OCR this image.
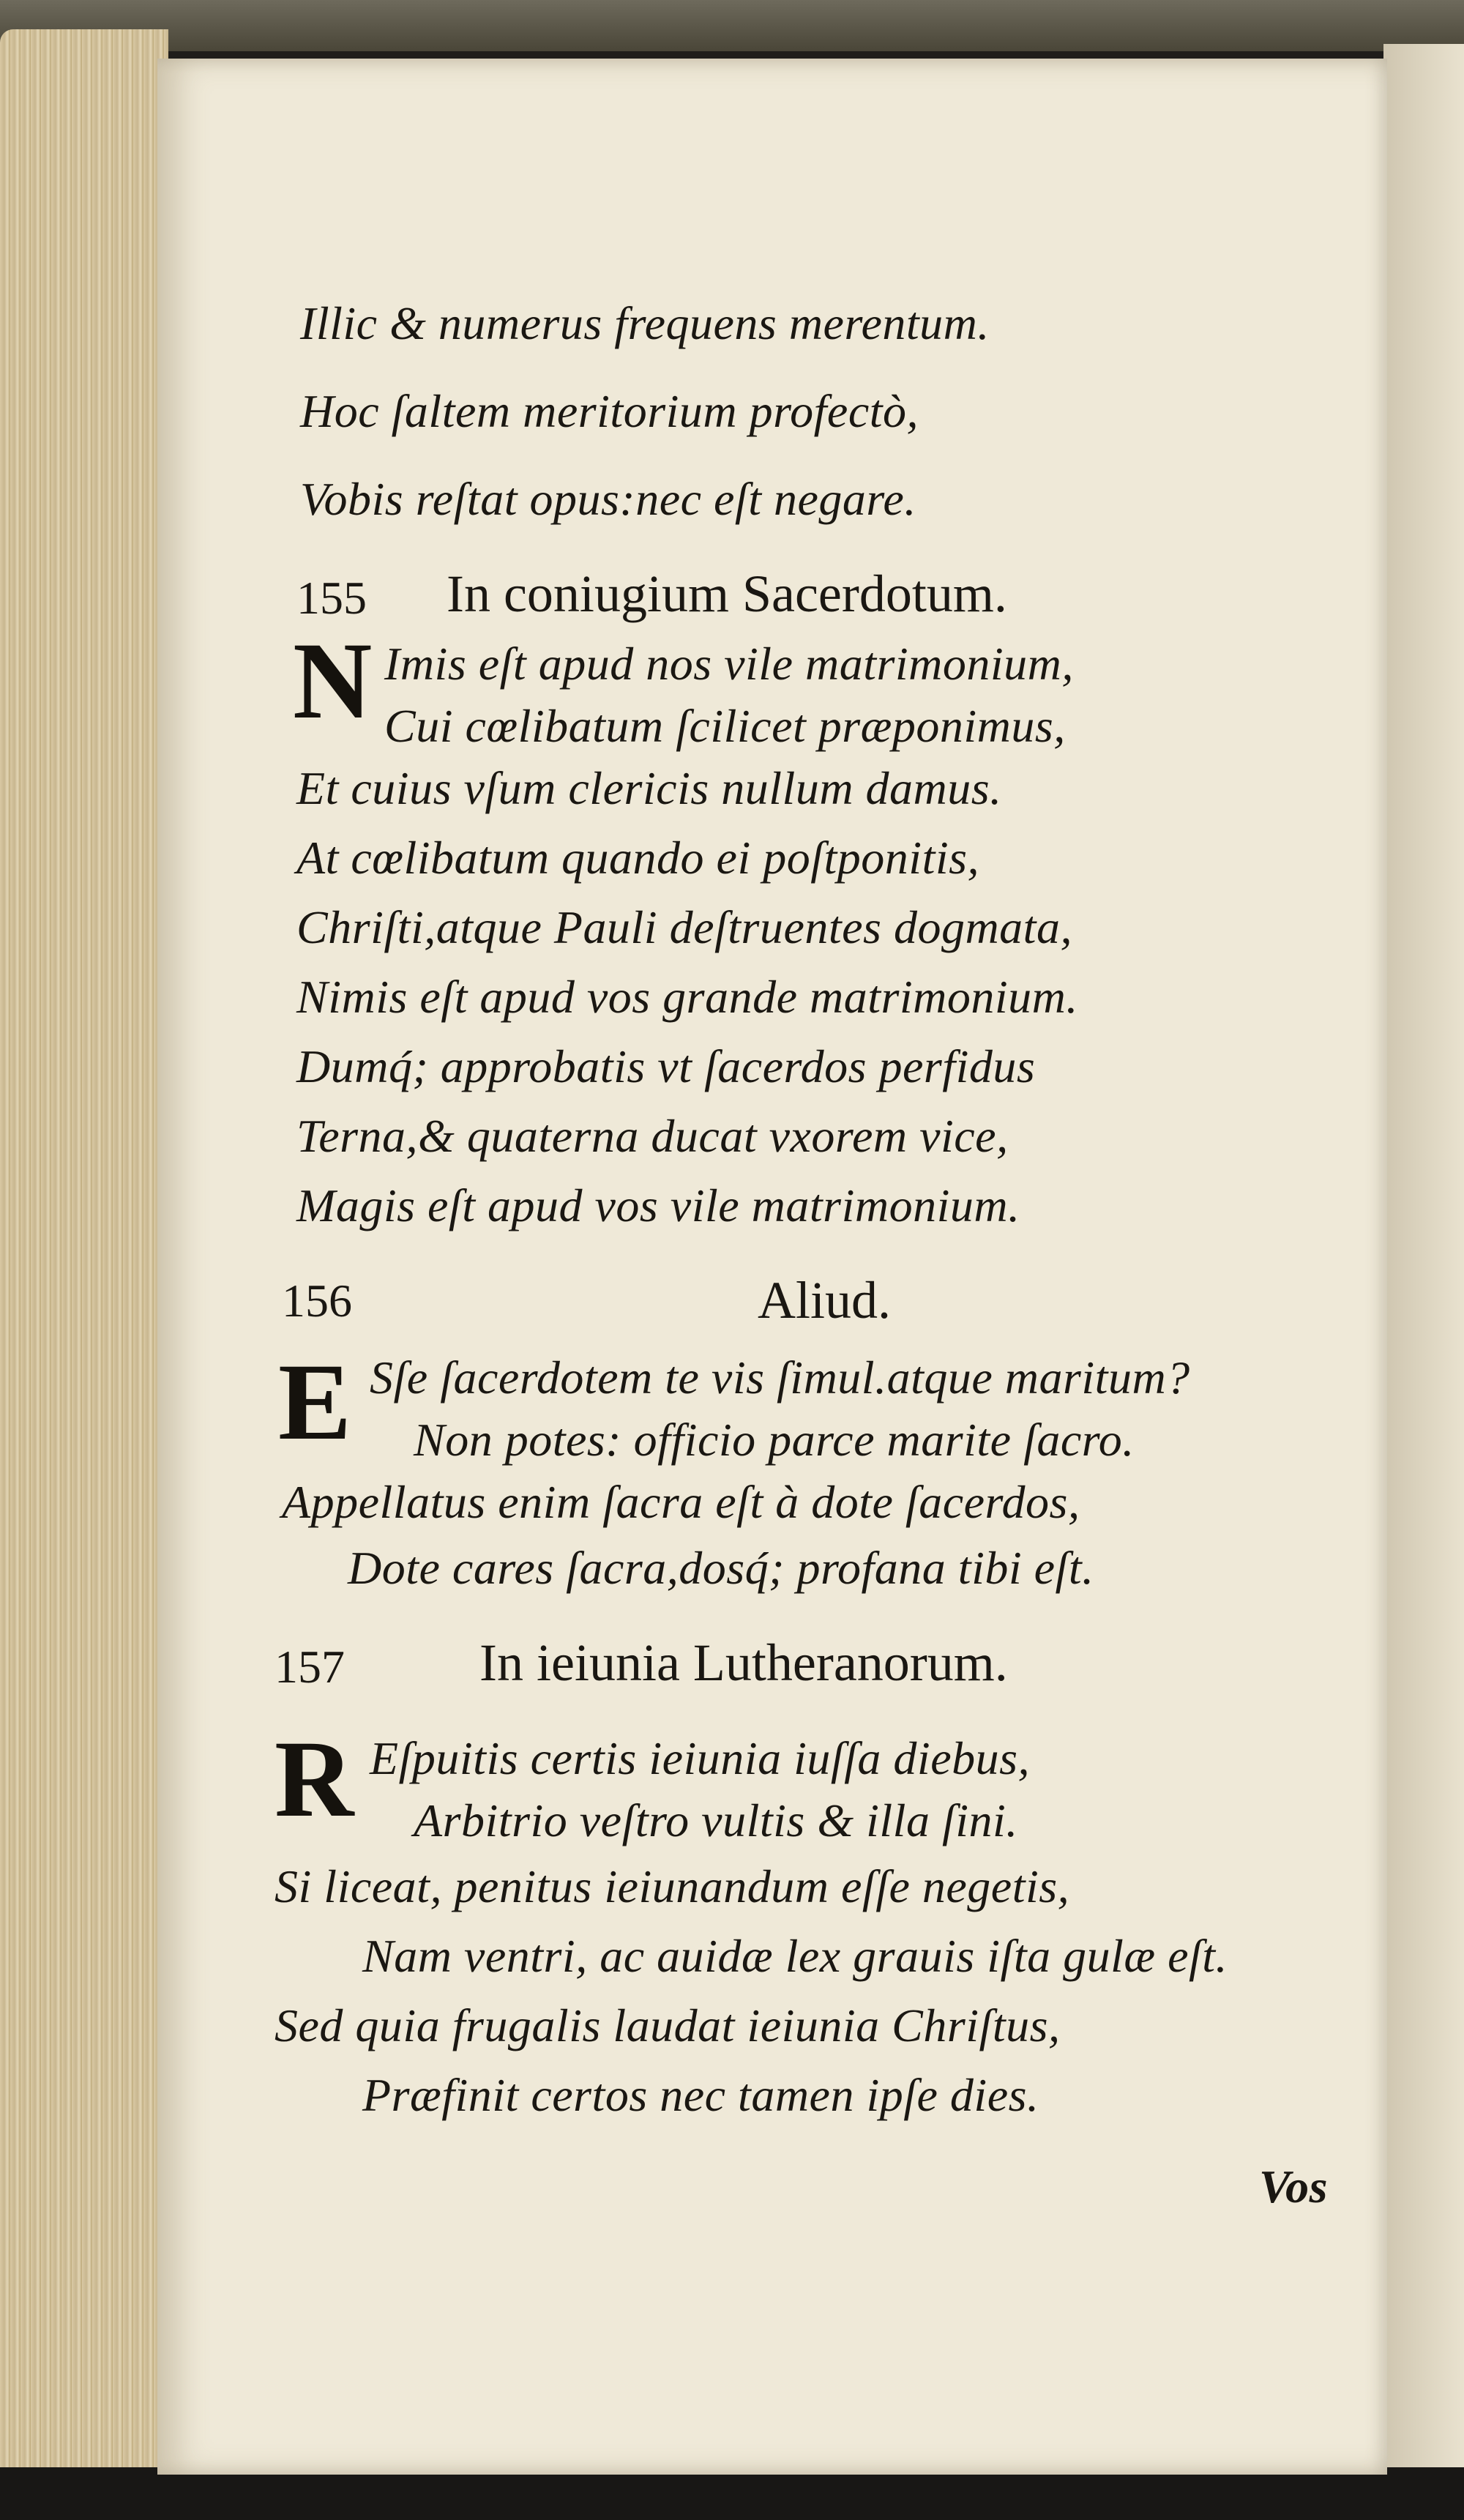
Illic & numerus frequens merentum.
Hoc ſaltem meritorium profectò,
Vobis reſtat opus:nec eſt negare.
155 In coniugium Sacerdotum.
N Imis eſt apud nos vile matrimonium,
Cui cœlibatum ſcilicet præponimus,
Et cuius vſum clericis nullum damus.
At cœlibatum quando ei poſtponitis,
Chriſti,atque Pauli deſtruentes dogmata,
Nimis eſt apud vos grande matrimonium.
Dumq́; approbatis vt ſacerdos perfidus
Terna,& quaterna ducat vxorem vice,
Magis eſt apud vos vile matrimonium.
156	Aliud.
E Sſe ſacerdotem te vis ſimul.atque maritum?
Non potes: officio parce marite ſacro.
Appellatus enim ſacra eſt à dote ſacerdos,
Dote cares ſacra,dosq́; profana tibi eſt.
157	In ieiunia Lutheranorum.
R Eſpuitis certis ieiunia iuſſa diebus,
Arbitrio veſtro vultis & illa ſini.
Si liceat, penitus ieiunandum eſſe negetis,
Nam ventri, ac auidæ lex grauis iſta gulæ eſt.
Sed quia frugalis laudat ieiunia Chriſtus,
Præfinit certos nec tamen ipſe dies.
Vos
